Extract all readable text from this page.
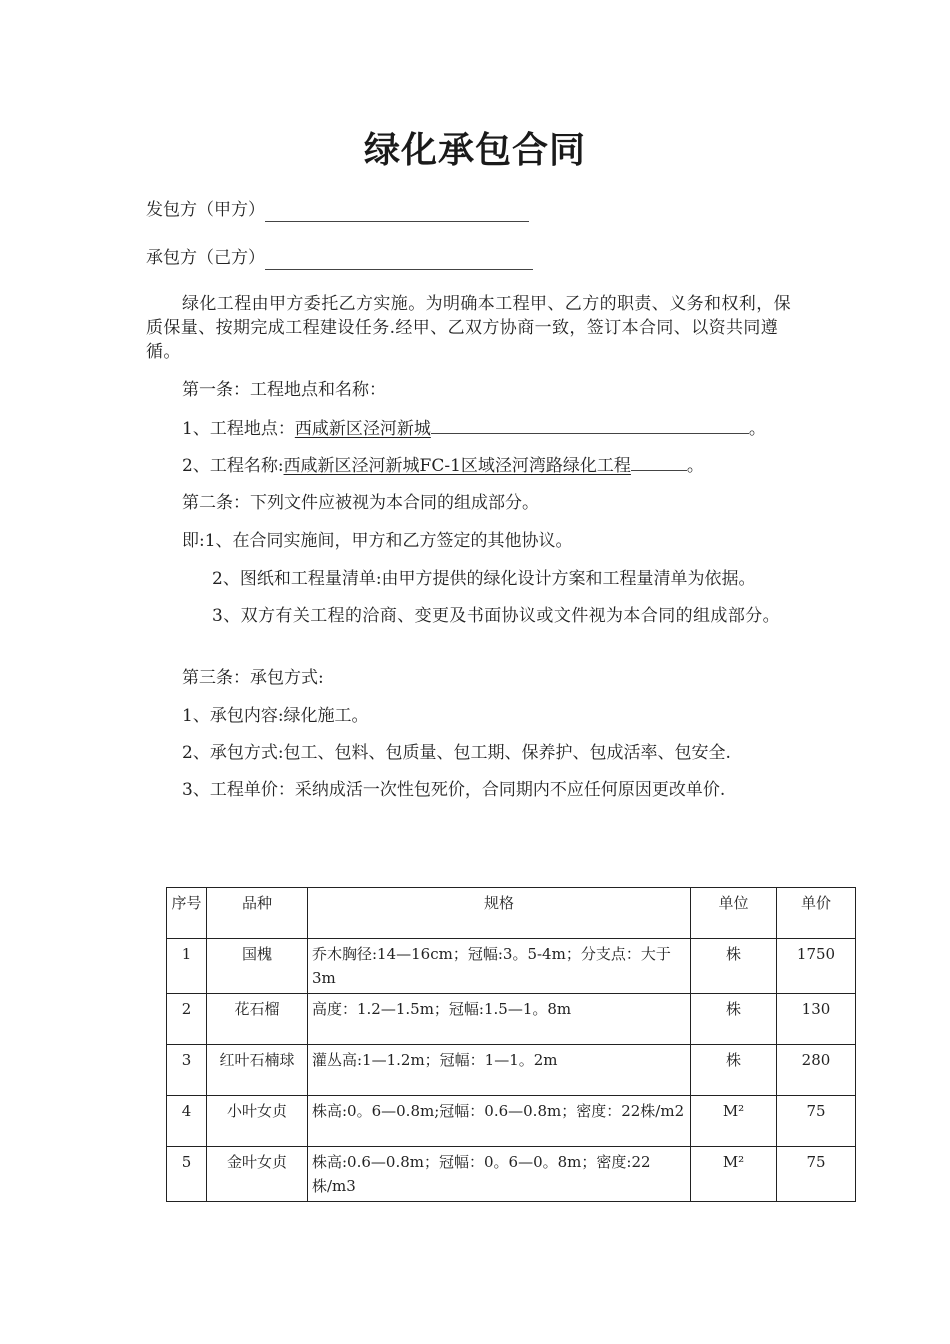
绿化承包合同
发包方（甲方）
承包方（己方）
绿化工程由甲方委托乙方实施。为明确本工程甲、乙方的职责、义务和权利，保质保量、按期完成工程建设任务.经甲、乙双方协商一致，签订本合同、以资共同遵循。
第一条：工程地点和名称：
1、工程地点：西咸新区泾河新城	。
2、工程名称:西咸新区泾河新城FC-1区域泾河湾路绿化工程	。
第二条：下列文件应被视为本合同的组成部分。
即:1、在合同实施间，甲方和乙方签定的其他协议。
2、图纸和工程量清单:由甲方提供的绿化设计方案和工程量清单为依据。
3、双方有关工程的洽商、变更及书面协议或文件视为本合同的组成部分。
第三条：承包方式:
1、承包内容:绿化施工。
2、承包方式:包工、包料、包质量、包工期、保养护、包成活率、包安全.
3、工程单价：采纳成活一次性包死价，合同期内不应任何原因更改单价.
序号	品种	规格	单位	单价
1	国槐	乔木胸径:14—16cm；冠幅:3。5-4m；分支点：大于3m	株	1750
2	花石榴	高度：1.2—1.5m；冠幅:1.5—1。8m	株	130
3	红叶石楠球	灌丛高:1—1.2m；冠幅：1—1。2m	株	280
4	小叶女贞	株高:0。6—0.8m;冠幅：0.6—0.8m；密度：22株/m2	M²	75
5	金叶女贞	株高:0.6—0.8m；冠幅：0。6—0。8m；密度:22株/m3	M²	75
